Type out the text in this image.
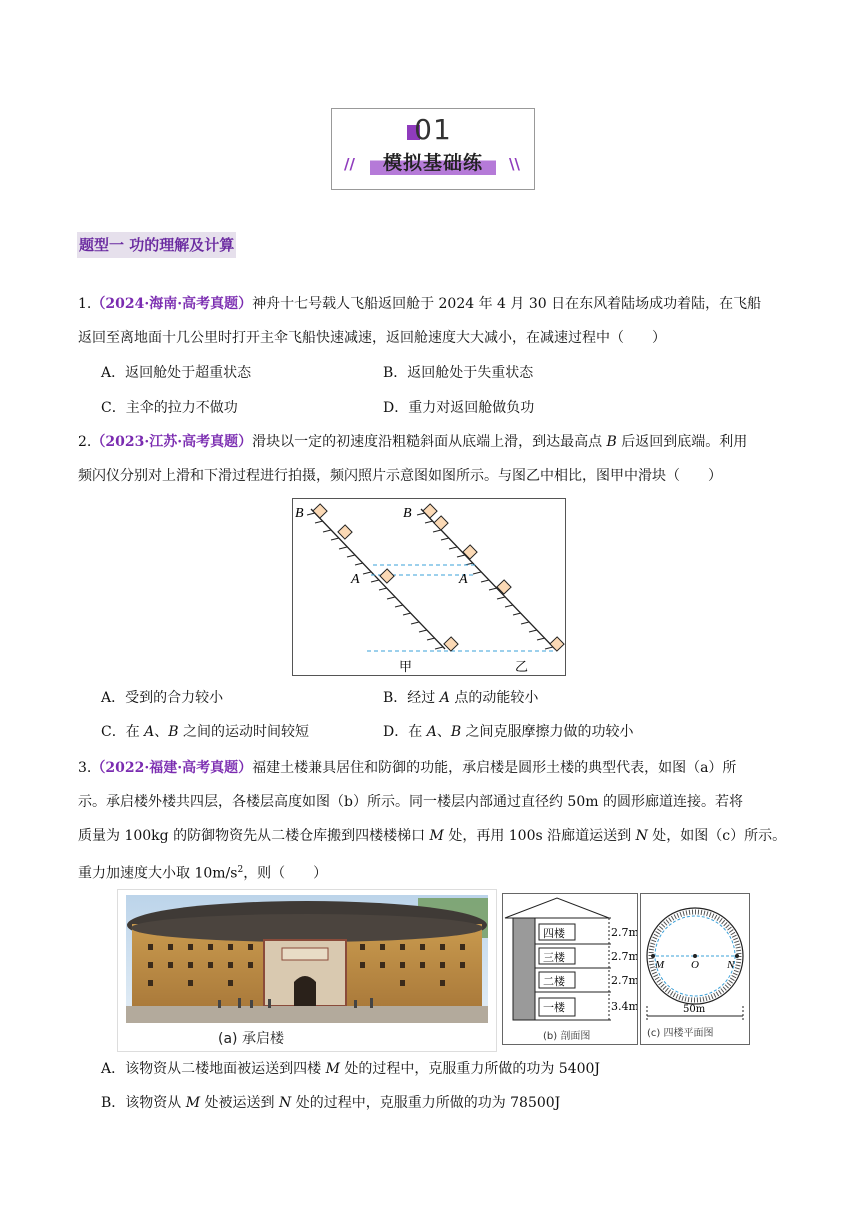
01
//	模拟基础练	\\
题型一 功的理解及计算
1.（2024·海南·高考真题）神舟十七号载人飞船返回舱于 2024 年 4 月 30 日在东风着陆场成功着陆，在飞船
返回至离地面十几公里时打开主伞飞船快速减速，返回舱速度大大减小，在减速过程中（　　）
A．返回舱处于超重状态	B．返回舱处于失重状态
C．主伞的拉力不做功	D．重力对返回舱做负功
2.（2023·江苏·高考真题）滑块以一定的初速度沿粗糙斜面从底端上滑，到达最高点 B 后返回到底端。利用
频闪仪分别对上滑和下滑过程进行拍摄，频闪照片示意图如图所示。与图乙中相比，图甲中滑块（　　）
B	B
A	A
甲	乙
A．受到的合力较小	B．经过 A 点的动能较小
C．在 A、B 之间的运动时间较短	D．在 A、B 之间克服摩擦力做的功较小
3.（2022·福建·高考真题）福建土楼兼具居住和防御的功能，承启楼是圆形土楼的典型代表，如图（a）所
示。承启楼外楼共四层，各楼层高度如图（b）所示。同一楼层内部通过直径约 50m 的圆形廊道连接。若将
质量为 100kg 的防御物资先从二楼仓库搬到四楼楼梯口 M 处，再用 100s 沿廊道运送到 N 处，如图（c）所示。
重力加速度大小取 $10m/s^2$，则（　　）
(a) 承启楼
四楼
三楼
二楼
一楼
2.7m
2.7m
2.7m
3.4m
(b) 剖面图
M O	N
50m
(c) 四楼平面图
A．该物资从二楼地面被运送到四楼 M 处的过程中，克服重力所做的功为 5400J
B．该物资从 M 处被运送到 N 处的过程中，克服重力所做的功为 78500J
